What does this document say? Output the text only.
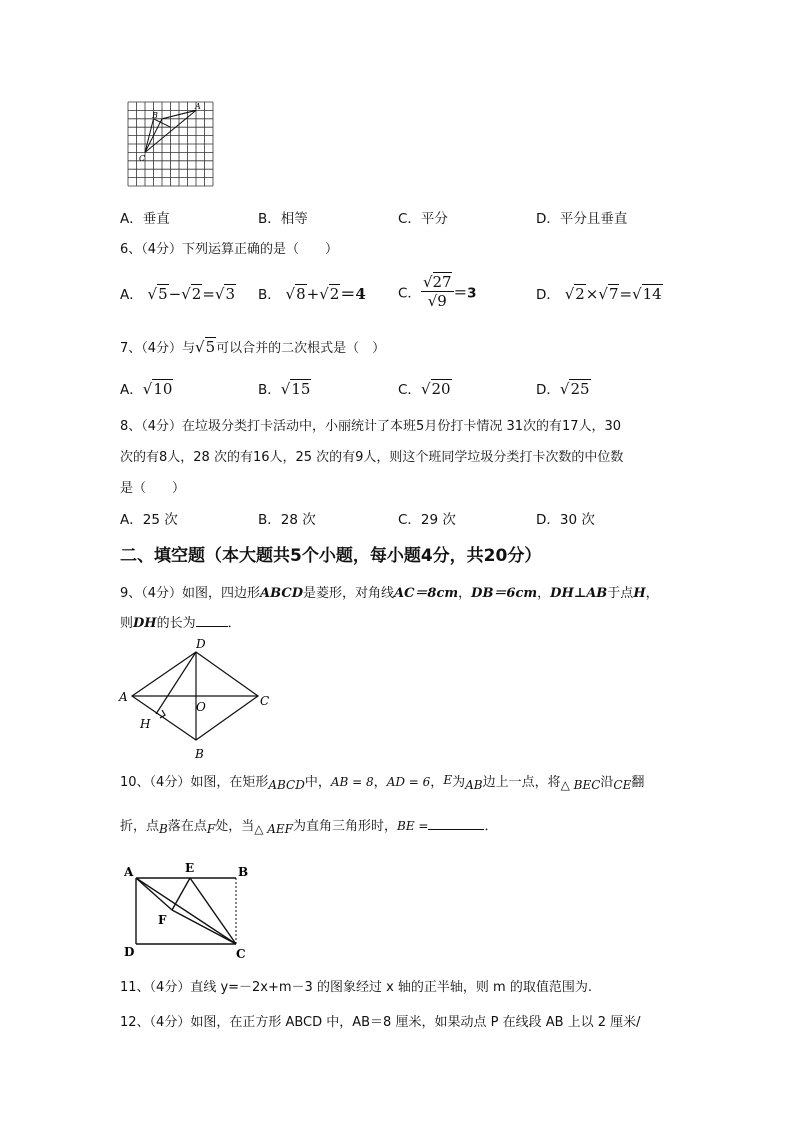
A
B
C
A．垂直	B．相等	C．平分	D．平分且垂直
6、（4分）下列运算正确的是（　　）
A． √5−√2=√3 B． √8+√2＝4 C． $\frac{√27}{√9} =3$	D． √2×√7=√14
7、（4分）与√5可以合并的二次根式是（　）
A．√10	B．√15	C．√20	D．√25
8、（4分）在垃圾分类打卡活动中，小丽统计了本班5月份打卡情况 31次的有17人，30
次的有8人，28 次的有16人，25 次的有9人，则这个班同学垃圾分类打卡次数的中位数
是（　　）
A．25 次	B．28 次	C．29 次	D．30 次
二、填空题（本大题共5个小题，每小题4分，共20分）
9、（4分）如图，四边形ABCD是菱形，对角线AC＝8cm，DB＝6cm，DH⊥AB于点H，
则DH的长为 ．
D
A
O	C
H
B
10、（4分）如图，在矩形ABCD中，AB = 8，AD = 6，E为AB边上一点，将△ BEC沿CE翻
折，点B落在点F处，当△ AEF为直角三角形时，BE =	．
A	E	B
F
D	C
11、（4分）直线 y=－2x+m－3 的图象经过 x 轴的正半轴，则 m 的取值范围为.
12、（4分）如图，在正方形 ABCD 中，AB＝8 厘米，如果动点 P 在线段 AB 上以 2 厘米/
